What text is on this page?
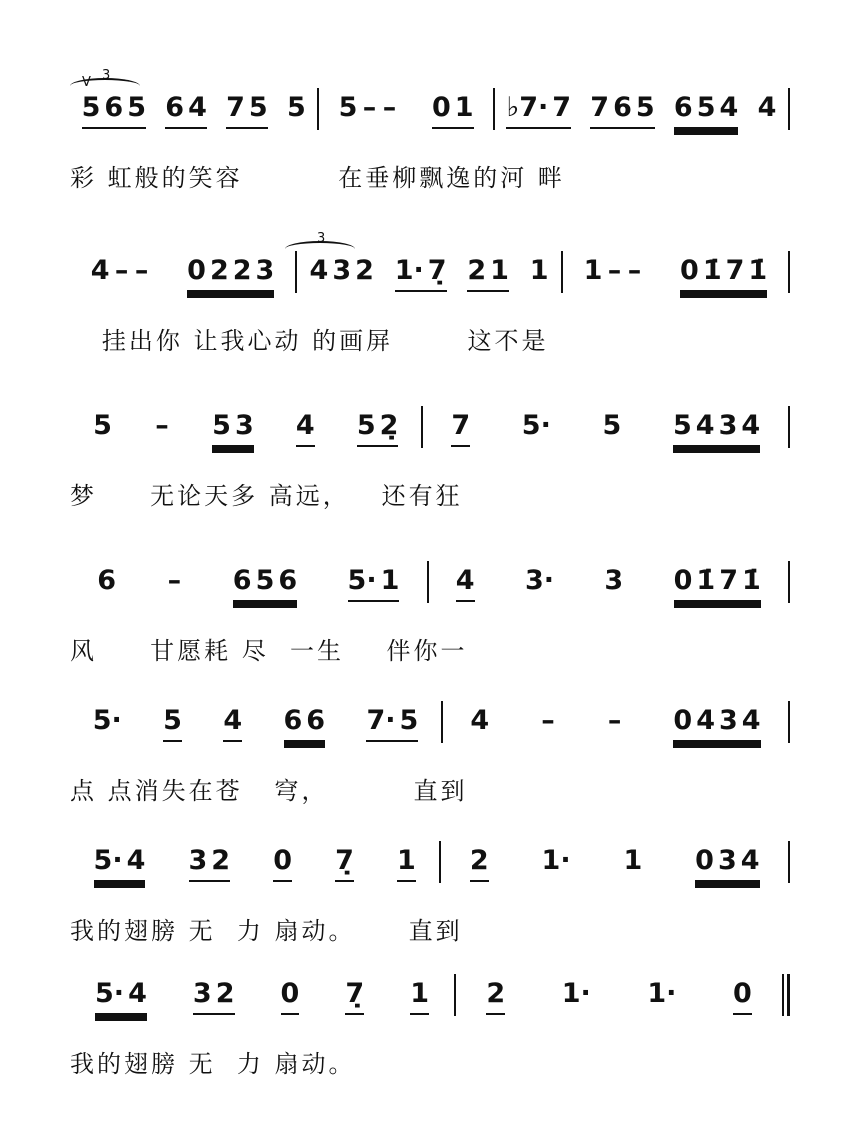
5 6 5 6 4 7 5 5 5 – – 0 1 ♭7· 7 7 6 5 6 5 4 4
3
V
彩 虹般的笑容         在垂柳飘逸的河 畔
4 – – 0 2 2 3 4 3 2 1· 7̣ 2 1 1 1 – – 0 1̇ 7 1̇
3
挂出你 让我心动 的画屏       这不是
5 – 5 3 4 5 2̣ 7 5· 5 5 4 3 4
梦     无论天多 高远，   还有狂
6 – 6 5 6 5· 1 4 3· 3 0 1̇ 7 1̇
风     甘愿耗 尽  一生    伴你一
5· 5 4 6 6 7· 5 4 – – 0 4 3 4
点 点消失在苍   穹，        直到
5· 4 3 2 0 7̣ 1 2 1· 1 0 3 4
我的翅膀 无  力 扇动。     直到
5· 4 3 2 0 7̣ 1 2 1· 1· 0
我的翅膀 无  力 扇动。
